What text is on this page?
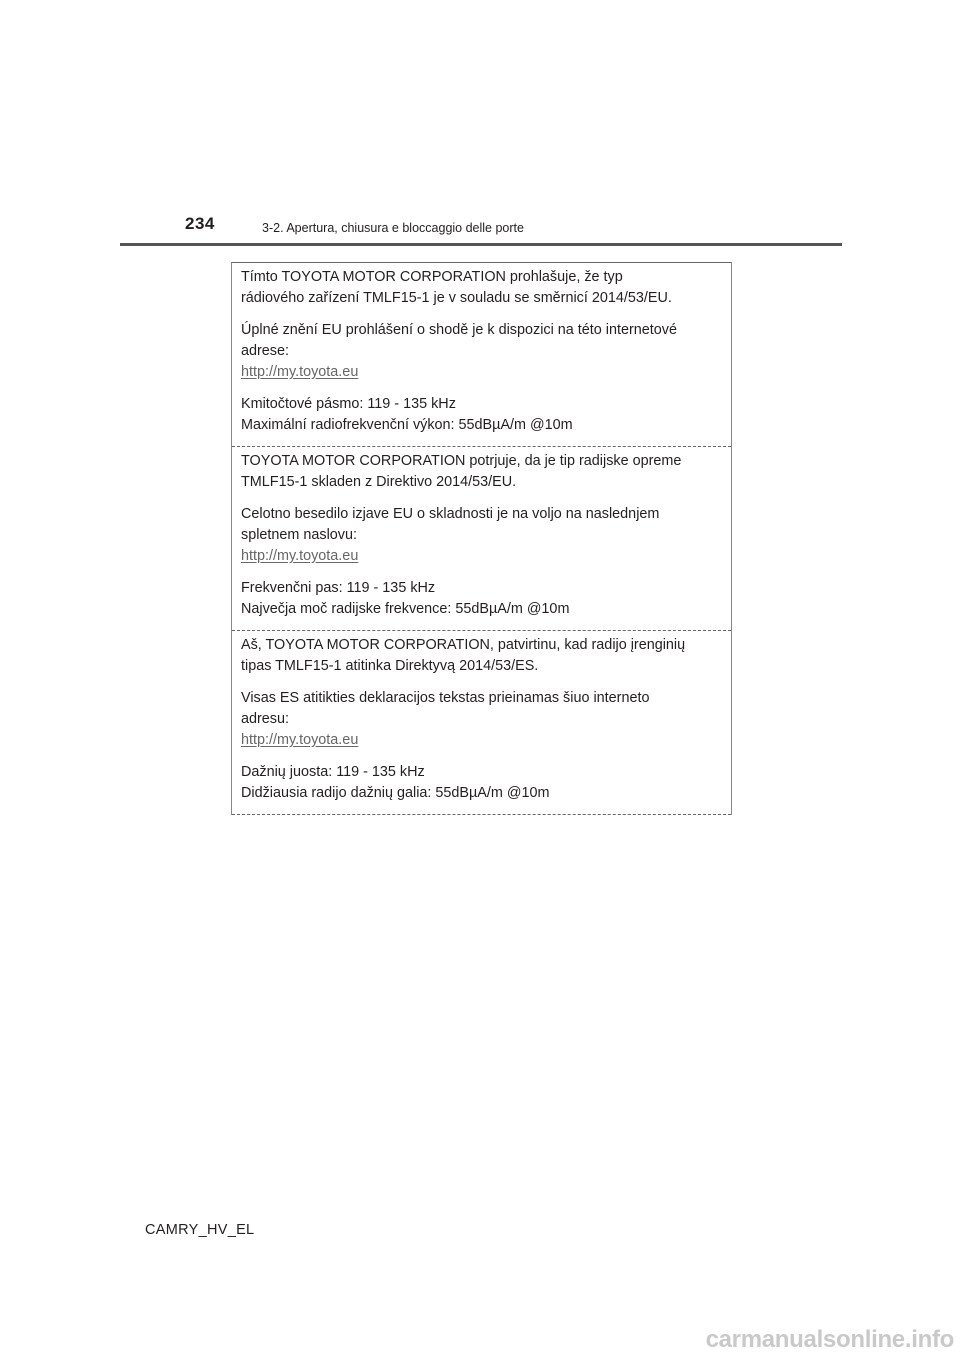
234	3-2. Apertura, chiusura e bloccaggio delle porte

Tímto TOYOTA MOTOR CORPORATION prohlašuje, že typ
rádiového zařízení TMLF15-1 je v souladu se směrnicí 2014/53/EU.

Úplné znění EU prohlášení o shodě je k dispozici na této internetové
adrese:

http://my.toyota.eu

Kmitočtové pásmo: 119 - 135 kHz

Maximální radiofrekvenční výkon: 55dBµA/m @10m

TOYOTA MOTOR CORPORATION potrjuje, da je tip radijske opreme
TMLF15-1 skladen z Direktivo 2014/53/EU.

Celotno besedilo izjave EU o skladnosti je na voljo na naslednjem
spletnem naslovu:

http://my.toyota.eu

Frekvenčni pas: 119 - 135 kHz

Največja moč radijske frekvence: 55dBµA/m @10m

Aš, TOYOTA MOTOR CORPORATION, patvirtinu, kad radijo įrenginių
tipas TMLF15-1 atitinka Direktyvą 2014/53/ES.

Visas ES atitikties deklaracijos tekstas prieinamas šiuo interneto
adresu:

http://my.toyota.eu

Dažnių juosta: 119 - 135 kHz

Didžiausia radijo dažnių galia: 55dBµA/m @10m

CAMRY_HV_EL
carmanualsonline.info
